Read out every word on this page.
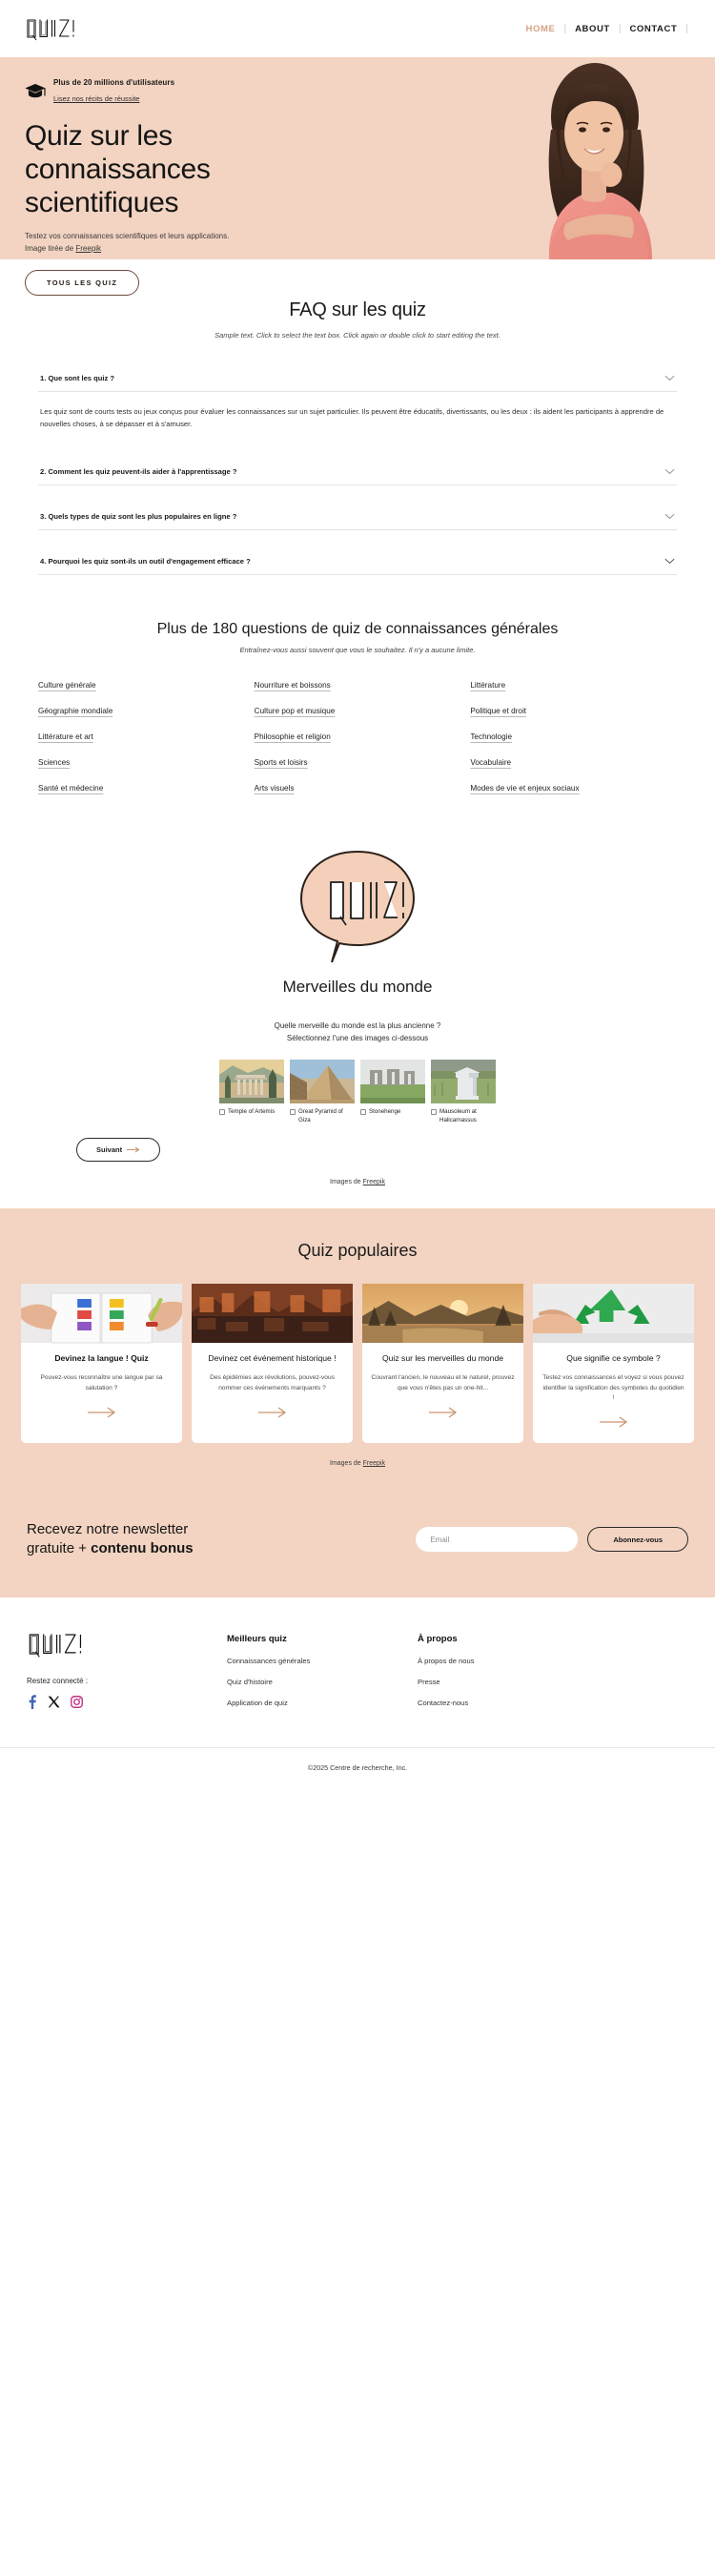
HOME | ABOUT | CONTACT |
Plus de 20 millions d'utilisateurs
Lisez nos récits de réussite
Quiz sur les connaissances scientifiques

Testez vos connaissances scientifiques et leurs applications.
Image tirée de Freepik

TOUS LES QUIZ
FAQ sur les quiz

Sample text. Click to select the text box. Click again or double click to start editing the text.

1. Que sont les quiz ?

Les quiz sont de courts tests ou jeux conçus pour évaluer les connaissances sur un sujet particulier. Ils peuvent être éducatifs, divertissants, ou les deux : ils aident les participants à apprendre de nouvelles choses, à se dépasser et à s'amuser.

2. Comment les quiz peuvent-ils aider à l'apprentissage ?
3. Quels types de quiz sont les plus populaires en ligne ?
4. Pourquoi les quiz sont-ils un outil d'engagement efficace ?
Plus de 180 questions de quiz de connaissances générales

Entraînez-vous aussi souvent que vous le souhaitez. Il n'y a aucune limite.

Culture générale	Nourriture et boissons	Littérature
Géographie mondiale	Culture pop et musique	Politique et droit
Littérature et art	Philosophie et religion	Technologie
Sciences	Sports et loisirs	Vocabulaire
Santé et médecine	Arts visuels	Modes de vie et enjeux sociaux
Merveilles du monde

Quelle merveille du monde est la plus ancienne ?
Sélectionnez l'une des images ci-dessous

Temple of Artemis	Great Pyramid of Giza
Stonehenge	Mausoleum at Halicarnassus
Suivant

Images de Freepik

Quiz populaires
Devinez la langue ! Quiz
Pouvez-vous reconnaître une langue par sa salutation ?
Devinez cet événement historique !
Des épidémies aux révolutions, pouvez-vous nommer ces événements marquants ?
Quiz sur les merveilles du monde
Couvrant l'ancien, le nouveau et le naturel, prouvez que vous n'êtes pas un one-hit...
Que signifie ce symbole ?
Testez vos connaissances et voyez si vous pouvez identifier la signification des symboles du quotidien !

Images de Freepik

Recevez notre newsletter
gratuite + contenu bonus
Email
Abonnez-vous
Restez connecté :
Meilleurs quiz
Connaissances générales
Quiz d'histoire
Application de quiz
À propos
À propos de nous
Presse
Contactez-nous
©2025 Centre de recherche, Inc.
